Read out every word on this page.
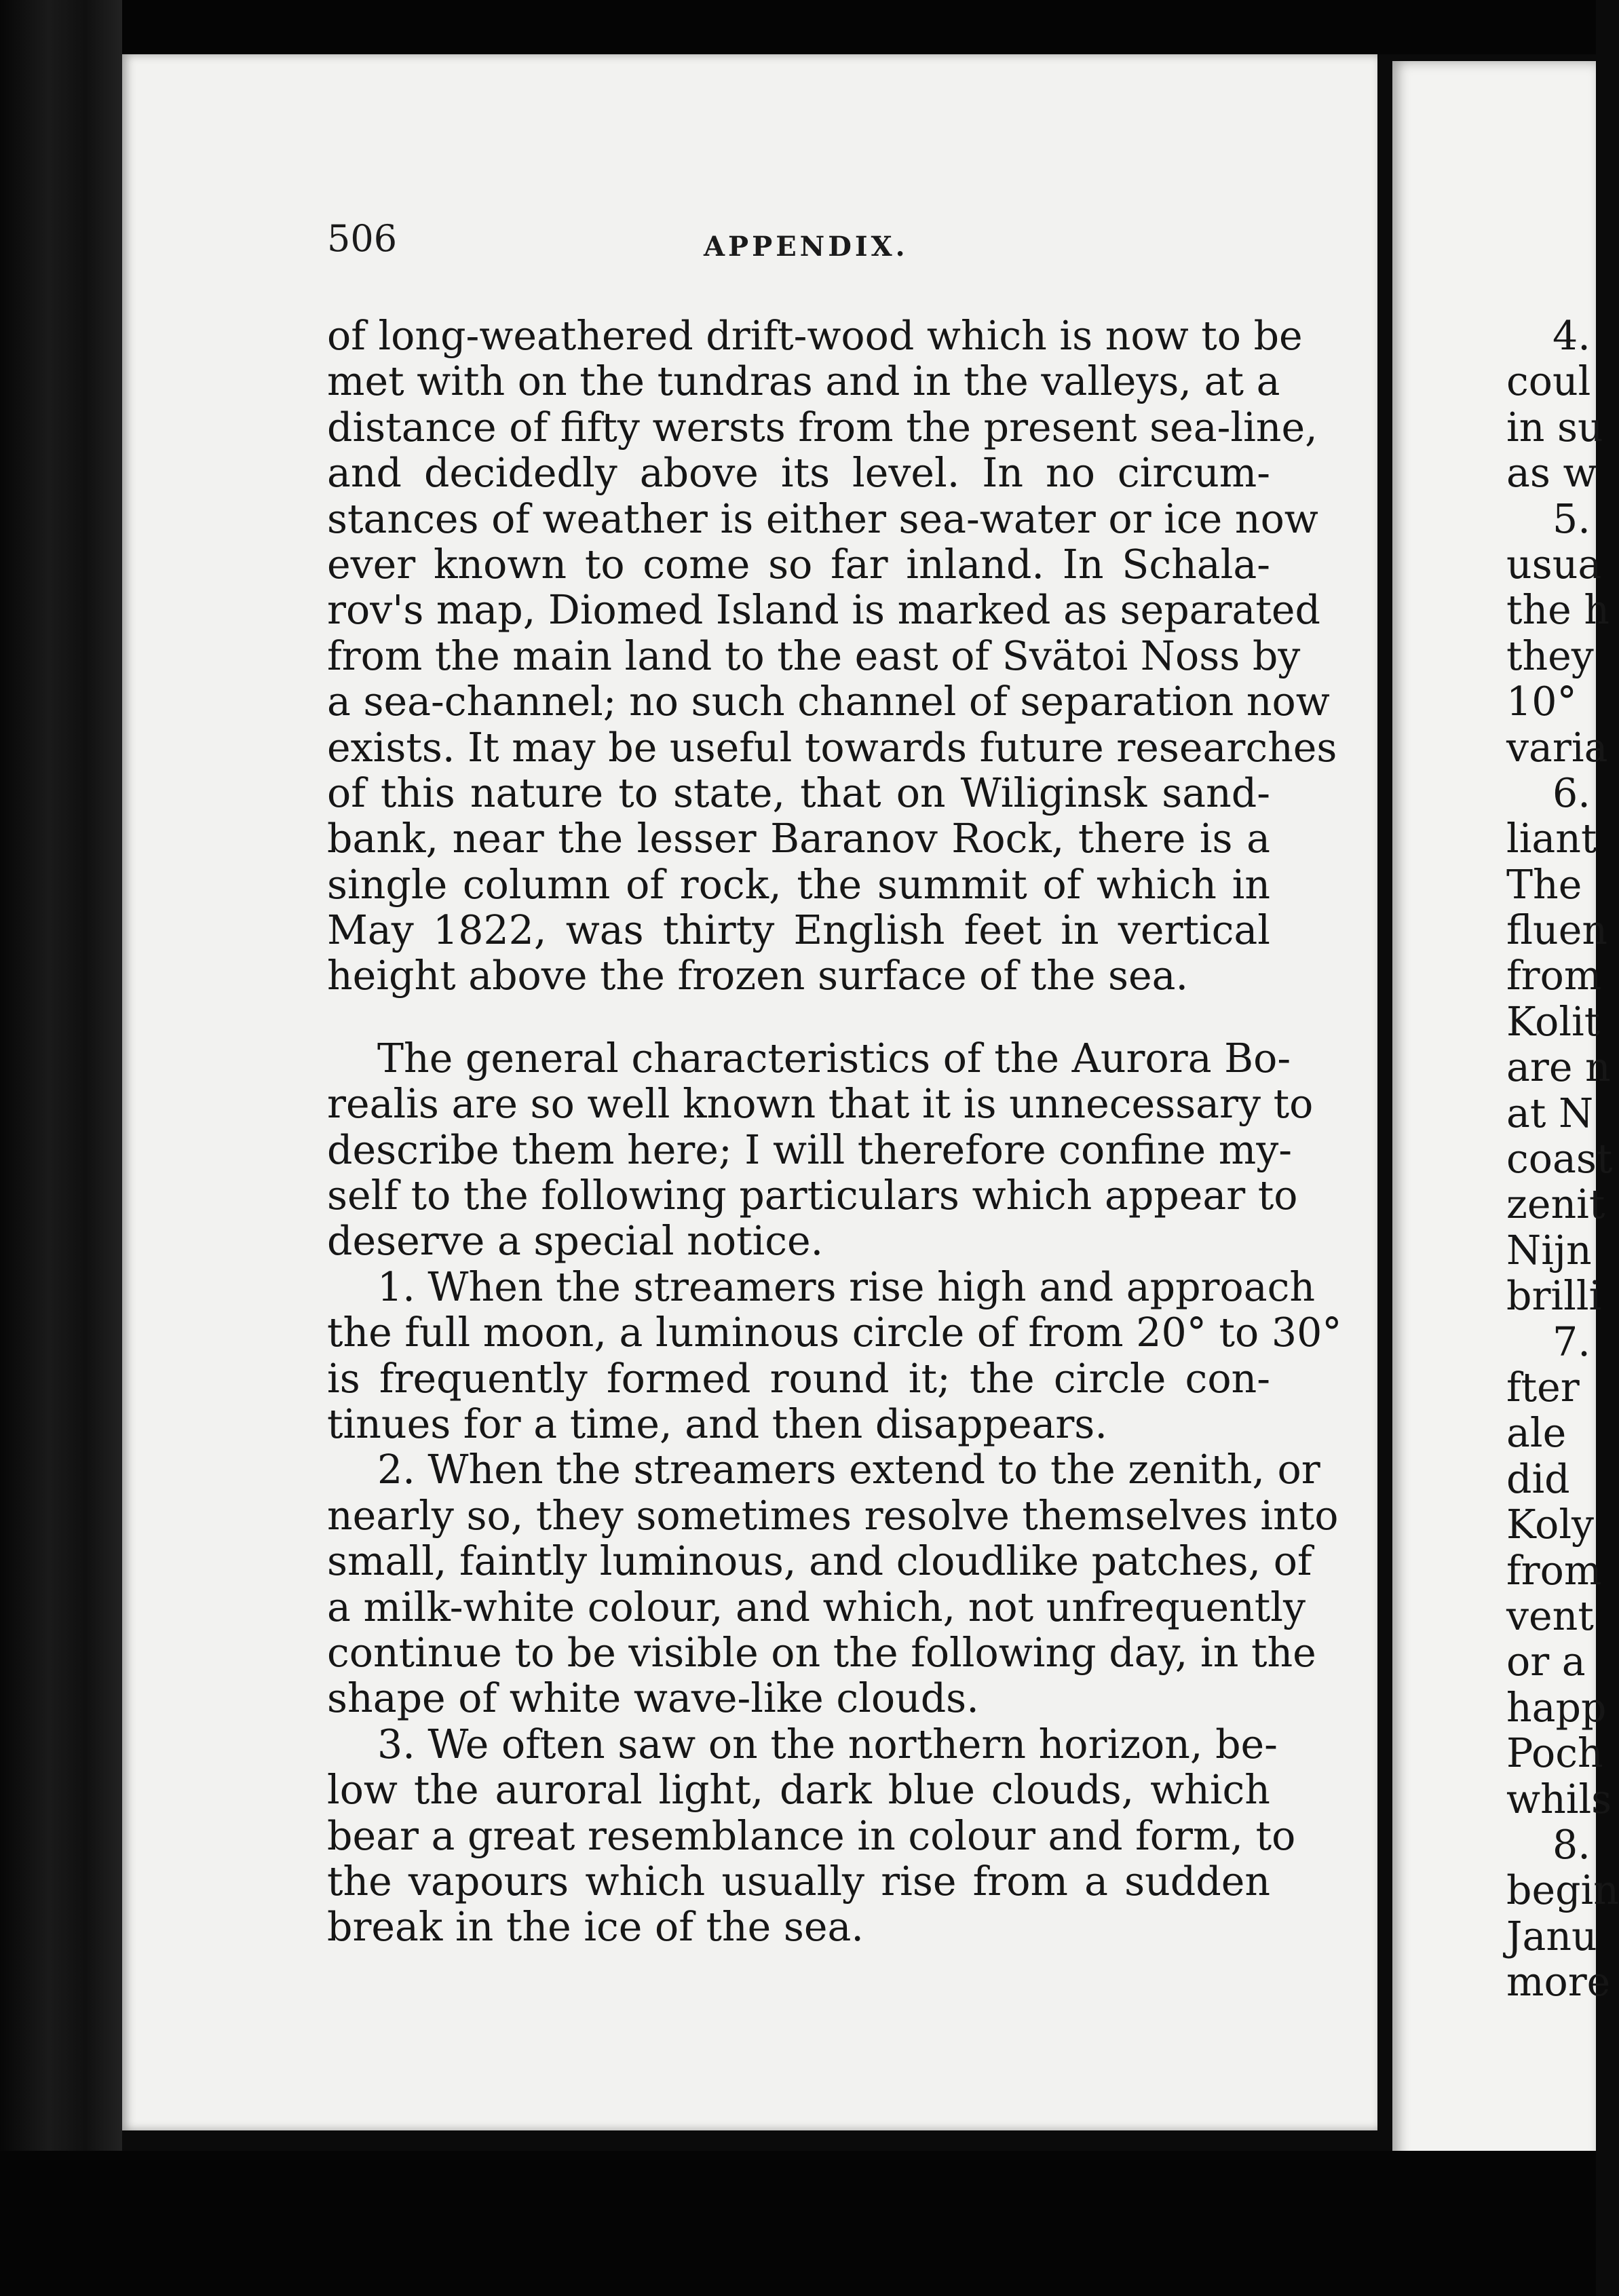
506	APPENDIX.
of long-weathered drift-wood which is now to be
met with on the tundras and in the valleys, at a
distance of fifty wersts from the present sea-line,
and decidedly above its level. In no circum-
stances of weather is either sea-water or ice now
ever known to come so far inland. In Schala-
rov's map, Diomed Island is marked as separated
from the main land to the east of Svätoi Noss by
a sea-channel; no such channel of separation now
exists. It may be useful towards future researches
of this nature to state, that on Wiliginsk sand-
bank, near the lesser Baranov Rock, there is a
single column of rock, the summit of which in
May 1822, was thirty English feet in vertical
height above the frozen surface of the sea.
The general characteristics of the Aurora Bo-
realis are so well known that it is unnecessary to
describe them here; I will therefore confine my-
self to the following particulars which appear to
deserve a special notice.
1. When the streamers rise high and approach
the full moon, a luminous circle of from 20° to 30°
is frequently formed round it; the circle con-
tinues for a time, and then disappears.
2. When the streamers extend to the zenith, or
nearly so, they sometimes resolve themselves into
small, faintly luminous, and cloudlike patches, of
a milk-white colour, and which, not unfrequently
continue to be visible on the following day, in the
shape of white wave-like clouds.
3. We often saw on the northern horizon, be-
low the auroral light, dark blue clouds, which
bear a great resemblance in colour and form, to
the vapours which usually rise from a sudden
break in the ice of the sea.
4.
coul
in su
as w
5.
usua
the h
they
10°
varia
6.
liant
The
fluen
from
Kolit
are n
at N
coast
zenit
Nijn
brilli
7.
fter
ale
did
Koly
from
vent
or a
happ
Poch
whils
8.
begin
Janu
more
